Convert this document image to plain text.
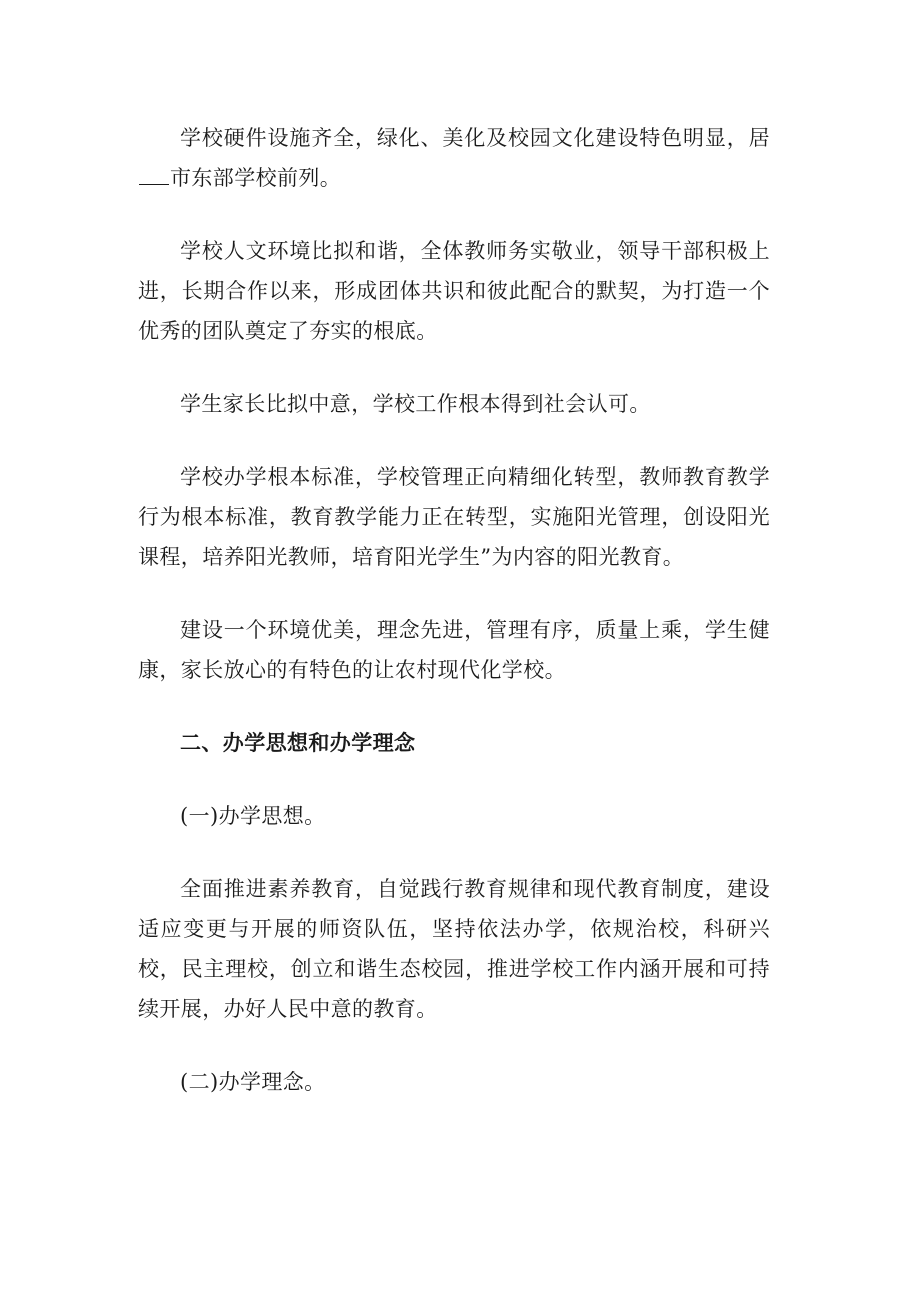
学校硬件设施齐全，绿化、美化及校园文化建设特色明显，居市东部学校前列。

学校人文环境比拟和谐，全体教师务实敬业，领导干部积极上进，长期合作以来，形成团体共识和彼此配合的默契，为打造一个优秀的团队奠定了夯实的根底。

学生家长比拟中意，学校工作根本得到社会认可。

学校办学根本标准，学校管理正向精细化转型，教师教育教学行为根本标准，教育教学能力正在转型，实施阳光管理，创设阳光课程，培养阳光教师，培育阳光学生”为内容的阳光教育。

建设一个环境优美，理念先进，管理有序，质量上乘，学生健康，家长放心的有特色的让农村现代化学校。

二、办学思想和办学理念

(一)办学思想。

全面推进素养教育，自觉践行教育规律和现代教育制度，建设适应变更与开展的师资队伍，坚持依法办学，依规治校，科研兴校，民主理校，创立和谐生态校园，推进学校工作内涵开展和可持续开展，办好人民中意的教育。

(二)办学理念。
